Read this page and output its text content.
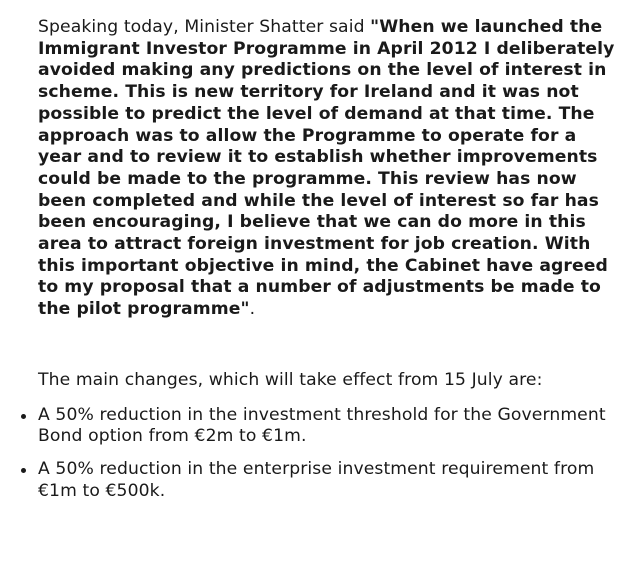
Speaking today, Minister Shatter said "When we launched the Immigrant Investor Programme in April 2012 I deliberately avoided making any predictions on the level of interest in scheme. This is new territory for Ireland and it was not possible to predict the level of demand at that time. The approach was to allow the Programme to operate for a year and to review it to establish whether improvements could be made to the programme. This review has now been completed and while the level of interest so far has been encouraging, I believe that we can do more in this area to attract foreign investment for job creation. With this important objective in mind, the Cabinet have agreed to my proposal that a number of adjustments be made to the pilot programme".

The main changes, which will take effect from 15 July are:

A 50% reduction in the investment threshold for the Government Bond option from €2m to €1m.
A 50% reduction in the enterprise investment requirement from €1m to €500k.
